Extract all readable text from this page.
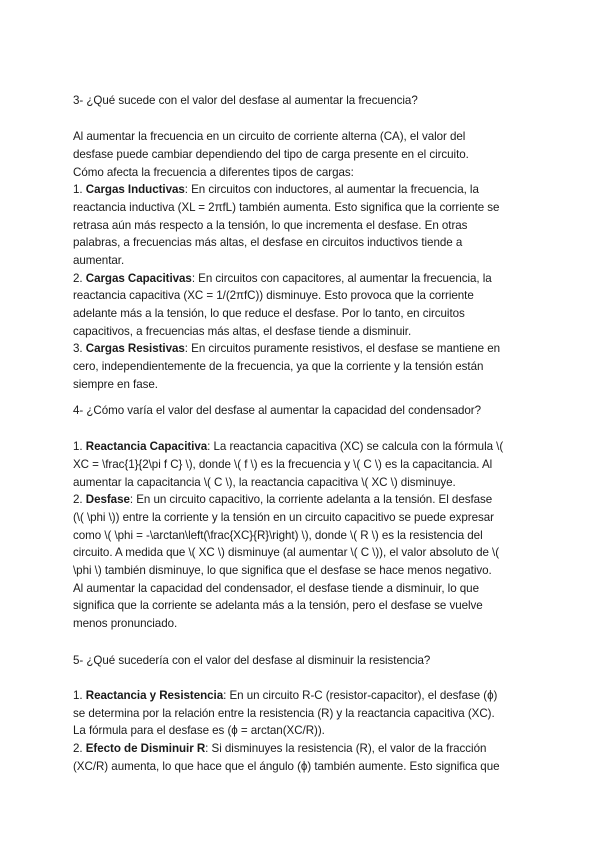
3- ¿Qué sucede con el valor del desfase al aumentar la frecuencia?
Al aumentar la frecuencia en un circuito de corriente alterna (CA), el valor del
desfase puede cambiar dependiendo del tipo de carga presente en el circuito.
Cómo afecta la frecuencia a diferentes tipos de cargas:
1. Cargas Inductivas: En circuitos con inductores, al aumentar la frecuencia, la
reactancia inductiva (XL = 2πfL) también aumenta. Esto significa que la corriente se
retrasa aún más respecto a la tensión, lo que incrementa el desfase. En otras
palabras, a frecuencias más altas, el desfase en circuitos inductivos tiende a
aumentar.
2. Cargas Capacitivas: En circuitos con capacitores, al aumentar la frecuencia, la
reactancia capacitiva (XC = 1/(2πfC)) disminuye. Esto provoca que la corriente
adelante más a la tensión, lo que reduce el desfase. Por lo tanto, en circuitos
capacitivos, a frecuencias más altas, el desfase tiende a disminuir.
3. Cargas Resistivas: En circuitos puramente resistivos, el desfase se mantiene en
cero, independientemente de la frecuencia, ya que la corriente y la tensión están
siempre en fase.
4- ¿Cómo varía el valor del desfase al aumentar la capacidad del condensador?
1. Reactancia Capacitiva: La reactancia capacitiva (XC) se calcula con la fórmula \(
XC = \frac{1}{2\pi f C} \), donde \( f \) es la frecuencia y \( C \) es la capacitancia. Al
aumentar la capacitancia \( C \), la reactancia capacitiva \( XC \) disminuye.
2. Desfase: En un circuito capacitivo, la corriente adelanta a la tensión. El desfase
(\( \phi \)) entre la corriente y la tensión en un circuito capacitivo se puede expresar
como \( \phi = -\arctan\left(\frac{XC}{R}\right) \), donde \( R \) es la resistencia del
circuito. A medida que \( XC \) disminuye (al aumentar \( C \)), el valor absoluto de \(
\phi \) también disminuye, lo que significa que el desfase se hace menos negativo.
Al aumentar la capacidad del condensador, el desfase tiende a disminuir, lo que
significa que la corriente se adelanta más a la tensión, pero el desfase se vuelve
menos pronunciado.
5- ¿Qué sucedería con el valor del desfase al disminuir la resistencia?
1. Reactancia y Resistencia: En un circuito R-C (resistor-capacitor), el desfase (ϕ)
se determina por la relación entre la resistencia (R) y la reactancia capacitiva (XC).
La fórmula para el desfase es (ϕ = arctan(XC/R)).
2. Efecto de Disminuir R: Si disminuyes la resistencia (R), el valor de la fracción
(XC/R) aumenta, lo que hace que el ángulo (ϕ) también aumente. Esto significa que
